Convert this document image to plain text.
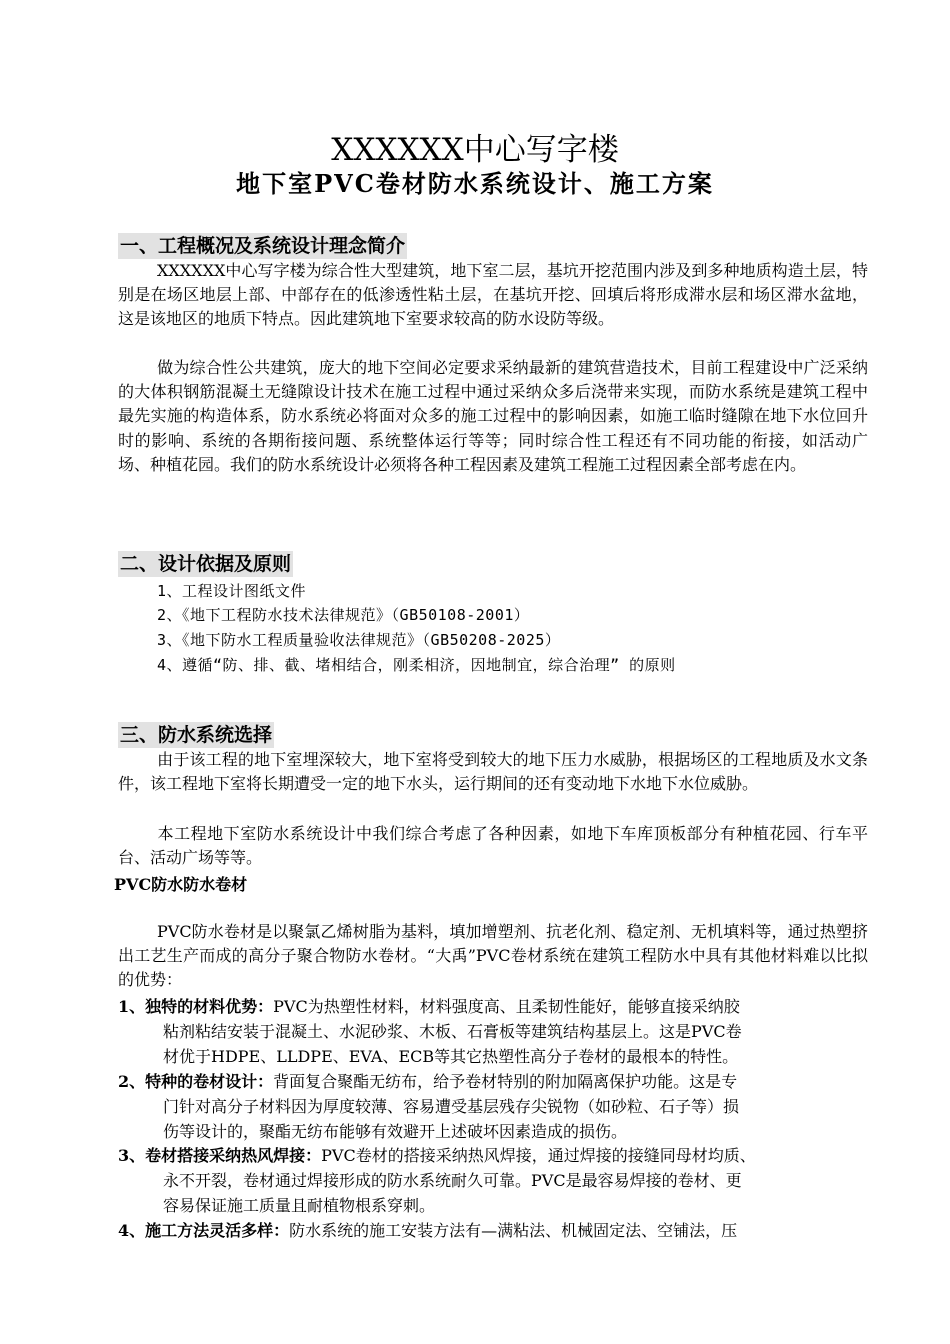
XXXXXX中心写字楼
地下室PVC卷材防水系统设计、施工方案
一、工程概况及系统设计理念简介

XXXXXX中心写字楼为综合性大型建筑，地下室二层，基坑开挖范围内涉及到多种地质构造土层，特别是在场区地层上部、中部存在的低渗透性粘土层，在基坑开挖、回填后将形成滞水层和场区滞水盆地，这是该地区的地质下特点。因此建筑地下室要求较高的防水设防等级。

做为综合性公共建筑，庞大的地下空间必定要求采纳最新的建筑营造技术，目前工程建设中广泛采纳的大体积钢筋混凝土无缝隙设计技术在施工过程中通过采纳众多后浇带来实现，而防水系统是建筑工程中最先实施的构造体系，防水系统必将面对众多的施工过程中的影响因素，如施工临时缝隙在地下水位回升时的影响、系统的各期衔接问题、系统整体运行等等；同时综合性工程还有不同功能的衔接，如活动广场、种植花园。我们的防水系统设计必须将各种工程因素及建筑工程施工过程因素全部考虑在内。

二、设计依据及原则
1、工程设计图纸文件
2、《地下工程防水技术法律规范》（GB50108-2001）
3、《地下防水工程质量验收法律规范》（GB50208-2025）
4、遵循“防、排、截、堵相结合，刚柔相济，因地制宜，综合治理” 的原则
三、防水系统选择

由于该工程的地下室埋深较大，地下室将受到较大的地下压力水威胁，根据场区的工程地质及水文条件，该工程地下室将长期遭受一定的地下水头，运行期间的还有变动地下水地下水位威胁。

本工程地下室防水系统设计中我们综合考虑了各种因素，如地下车库顶板部分有种植花园、行车平台、活动广场等等。

PVC防水防水卷材

PVC防水卷材是以聚氯乙烯树脂为基料，填加增塑剂、抗老化剂、稳定剂、无机填料等，通过热塑挤出工艺生产而成的高分子聚合物防水卷材。“大禹”PVC卷材系统在建筑工程防水中具有其他材料难以比拟的优势：

1、独特的材料优势：PVC为热塑性材料，材料强度高、且柔韧性能好，能够直接采纳胶
粘剂粘结安装于混凝土、水泥砂浆、木板、石膏板等建筑结构基层上。这是PVC卷
材优于HDPE、LLDPE、EVA、ECB等其它热塑性高分子卷材的最根本的特性。
2、特种的卷材设计：背面复合聚酯无纺布，给予卷材特别的附加隔离保护功能。这是专
门针对高分子材料因为厚度较薄、容易遭受基层残存尖锐物（如砂粒、石子等）损
伤等设计的，聚酯无纺布能够有效避开上述破坏因素造成的损伤。
3、卷材搭接采纳热风焊接：PVC卷材的搭接采纳热风焊接，通过焊接的接缝同母材均质、
永不开裂，卷材通过焊接形成的防水系统耐久可靠。PVC是最容易焊接的卷材、更
容易保证施工质量且耐植物根系穿刺。
4、施工方法灵活多样：防水系统的施工安装方法有—满粘法、机械固定法、空铺法，压
